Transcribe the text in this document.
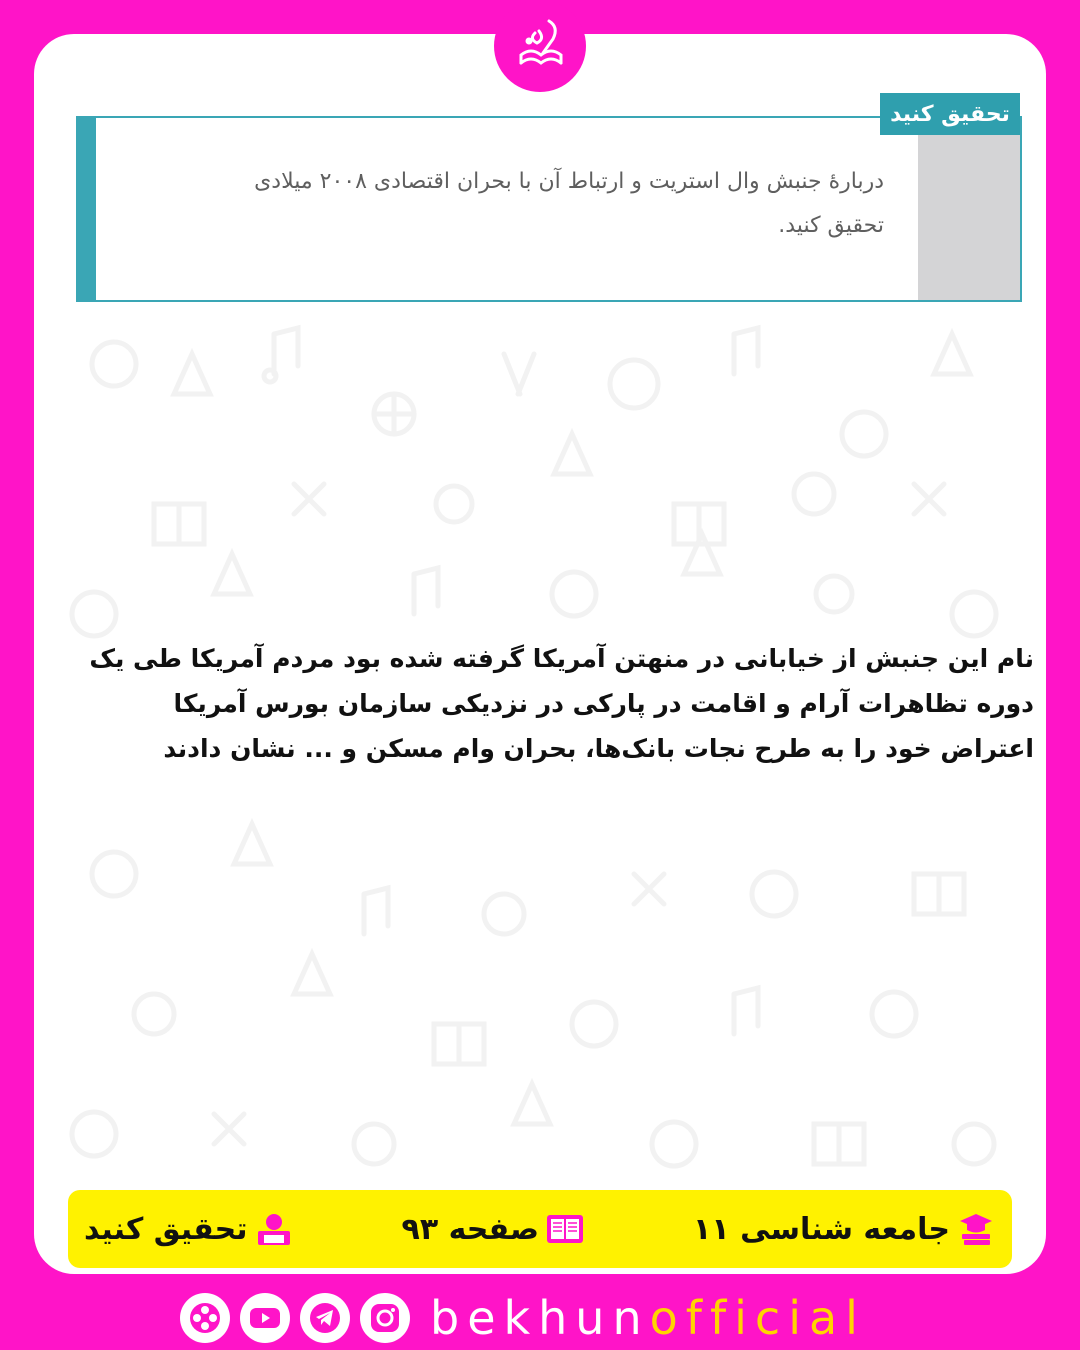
تحقیق کنید
دربارهٔ جنبش وال استریت و ارتباط آن با بحران اقتصادی ۲۰۰۸ میلادی
تحقیق کنید.
نام این جنبش از خیابانی در منهتن آمریکا گرفته شده بود مردم آمریکا طی یک
دوره تظاهرات آرام و اقامت در پارکی در نزدیکی سازمان بورس آمریکا
اعتراض خود را به طرح نجات بانک‌ها، بحران وام مسکن و ... نشان دادند
تحقیق کنید	صفحه ۹۳	جامعه شناسی ۱۱
bekhunofficial
